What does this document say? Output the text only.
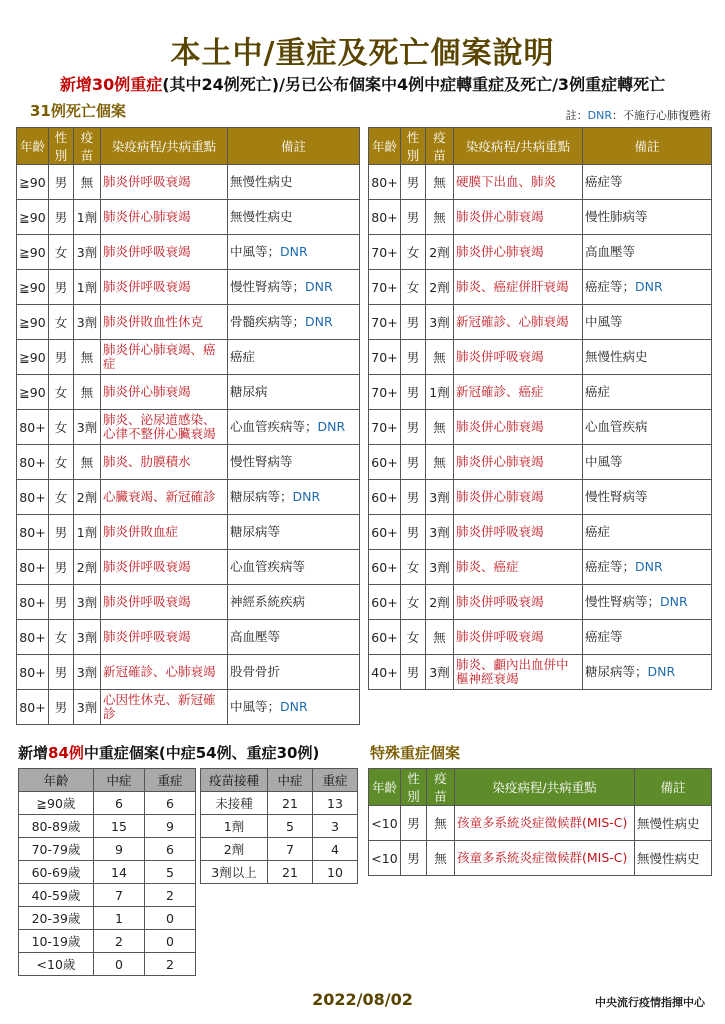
本土中/重症及死亡個案說明
新增30例重症(其中24例死亡)/另已公布個案中4例中症轉重症及死亡/3例重症轉死亡
31例死亡個案	註：DNR：不施行心肺復甦術
年齡	性別	疫苗	染疫病程/共病重點	備註
≧90	男	無	肺炎併呼吸衰竭	無慢性病史
≧90	男	1劑	肺炎併心肺衰竭	無慢性病史
≧90	女	3劑	肺炎併呼吸衰竭	中風等；DNR
≧90	男	1劑	肺炎併呼吸衰竭	慢性腎病等；DNR
≧90	女	3劑	肺炎併敗血性休克	骨髓疾病等；DNR
≧90	男	無	肺炎併心肺衰竭、癌症	癌症
≧90	女	無	肺炎併心肺衰竭	糖尿病
80+	女	3劑	肺炎、泌尿道感染、心律不整併心臟衰竭	心血管疾病等；DNR
80+	女	無	肺炎、肋膜積水	慢性腎病等
80+	女	2劑	心臟衰竭、新冠確診	糖尿病等；DNR
80+	男	1劑	肺炎併敗血症	糖尿病等
80+	男	2劑	肺炎併呼吸衰竭	心血管疾病等
80+	男	3劑	肺炎併呼吸衰竭	神經系統疾病
80+	女	3劑	肺炎併呼吸衰竭	高血壓等
80+	男	3劑	新冠確診、心肺衰竭	股骨骨折
80+	男	3劑	心因性休克、新冠確診	中風等；DNR
年齡	性別	疫苗	染疫病程/共病重點	備註
80+	男	無	硬膜下出血、肺炎	癌症等
80+	男	無	肺炎併心肺衰竭	慢性肺病等
70+	女	2劑	肺炎併心肺衰竭	高血壓等
70+	女	2劑	肺炎、癌症併肝衰竭	癌症等；DNR
70+	男	3劑	新冠確診、心肺衰竭	中風等
70+	男	無	肺炎併呼吸衰竭	無慢性病史
70+	男	1劑	新冠確診、癌症	癌症
70+	男	無	肺炎併心肺衰竭	心血管疾病
60+	男	無	肺炎併心肺衰竭	中風等
60+	男	3劑	肺炎併心肺衰竭	慢性腎病等
60+	男	3劑	肺炎併呼吸衰竭	癌症
60+	女	3劑	肺炎、癌症	癌症等；DNR
60+	女	2劑	肺炎併呼吸衰竭	慢性腎病等；DNR
60+	女	無	肺炎併呼吸衰竭	癌症等
40+	男	3劑	肺炎、顱內出血併中樞神經衰竭	糖尿病等；DNR
新增84例中重症個案(中症54例、重症30例)
年齡	中症	重症
≧90歲	6	6
80-89歲	15	9
70-79歲	9	6
60-69歲	14	5
40-59歲	7	2
20-39歲	1	0
10-19歲	2	0
<10歲	0	2
疫苗接種	中症	重症
未接種	21	13
1劑	5	3
2劑	7	4
3劑以上	21	10
特殊重症個案
年齡	性別	疫苗	染疫病程/共病重點	備註
<10	男	無	孩童多系統炎症徵候群(MIS-C)	無慢性病史
<10	男	無	孩童多系統炎症徵候群(MIS-C)	無慢性病史
2022/08/02	中央流行疫情指揮中心
